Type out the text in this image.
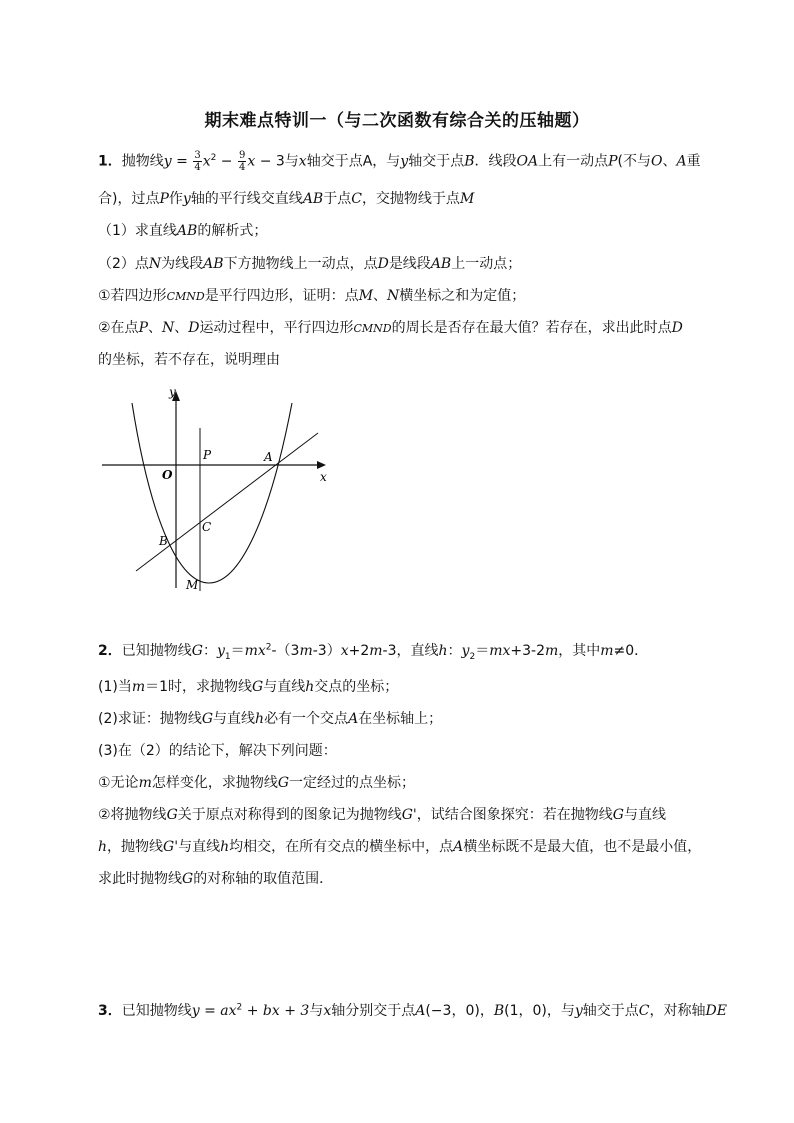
期末难点特训一（与二次函数有综合关的压轴题）
1．抛物线$y = \frac{3}{4} x^2 - \frac{9}{4}$ x − 3与x轴交于点A，与y轴交于点B．线段OA上有一动点P(不与O、A重
合)，过点P作y轴的平行线交直线AB于点C，交抛物线于点M
（1）求直线AB的解析式；
（2）点N为线段AB下方抛物线上一动点，点D是线段AB上一动点；
①若四边形CMND是平行四边形，证明：点M、N横坐标之和为定值；
②在点P、N、D运动过程中，平行四边形CMND的周长是否存在最大值？若存在，求出此时点D
的坐标，若不存在，说明理由
y
x
O
P	A
B
C
M
2．已知抛物线G：$y_1=mx^2-(3m-3)x+2m-3$，直线h：$y_2=mx+3-2m$，其中m≠0．
(1)当m＝1时，求抛物线G与直线h交点的坐标；
(2)求证：抛物线G与直线h必有一个交点A在坐标轴上；
(3)在（2）的结论下，解决下列问题：
①无论m怎样变化，求抛物线G一定经过的点坐标；
②将抛物线G关于原点对称得到的图象记为抛物线G'，试结合图象探究：若在抛物线G与直线
h，抛物线G'与直线h均相交，在所有交点的横坐标中，点A横坐标既不是最大值，也不是最小值，
求此时抛物线G的对称轴的取值范围．
3．已知抛物线$y = ax^2$ + bx + 3与x轴分别交于点A(−3，0)，B(1，0)，与y轴交于点C，对称轴DE
